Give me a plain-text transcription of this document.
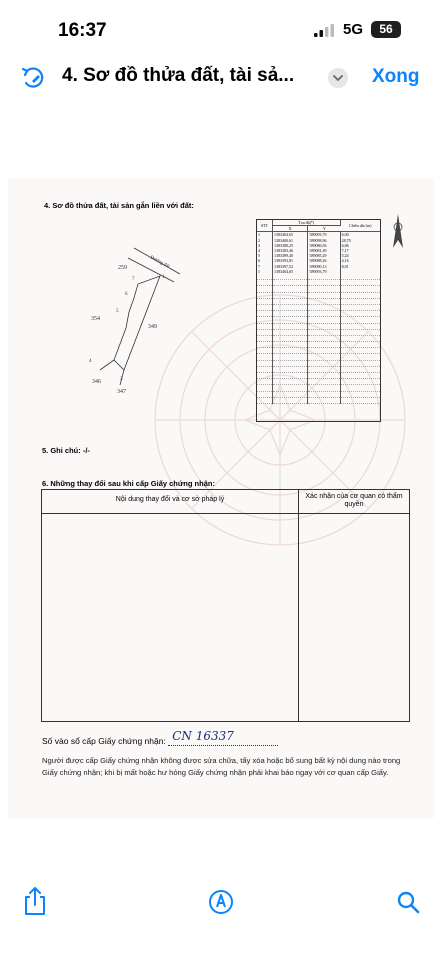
16:37	5G	56
4. Sơ đồ thửa đất, tài sả...	Xong
4. Sơ đồ thửa đất, tài sản gắn liền với đất:
Đường đất
259
354
349
346
347
1
7
6
5
4
3
STT	Tọa độ(*)		Chiều dài (m)
	X	Y	
1	1383404,65	589093,79	6,00
2	1383400,61	589098,96	28,70
3	1383380,25	589086,56	6,06
4	1383383,46	589081,49	7,17
5	1383389,40	589085,29	5,24
6	1383393,81	589088,26	4,16
7	1383397,52	589090,13	8,01
1	1383404,65	589093,79	

5. Ghi chú: -/-
6. Những thay đổi sau khi cấp Giấy chứng nhận:
Nội dung thay đổi và cơ sở pháp lý	Xác nhận của cơ quan có thẩm quyền
Số vào sổ cấp Giấy chứng nhận: CN 16337
Người được cấp Giấy chứng nhận không được sửa chữa, tẩy xóa hoặc bổ sung bất kỳ nội dung nào trong Giấy chứng nhận; khi bị mất hoặc hư hỏng Giấy chứng nhận phải khai báo ngay với cơ quan cấp Giấy.
